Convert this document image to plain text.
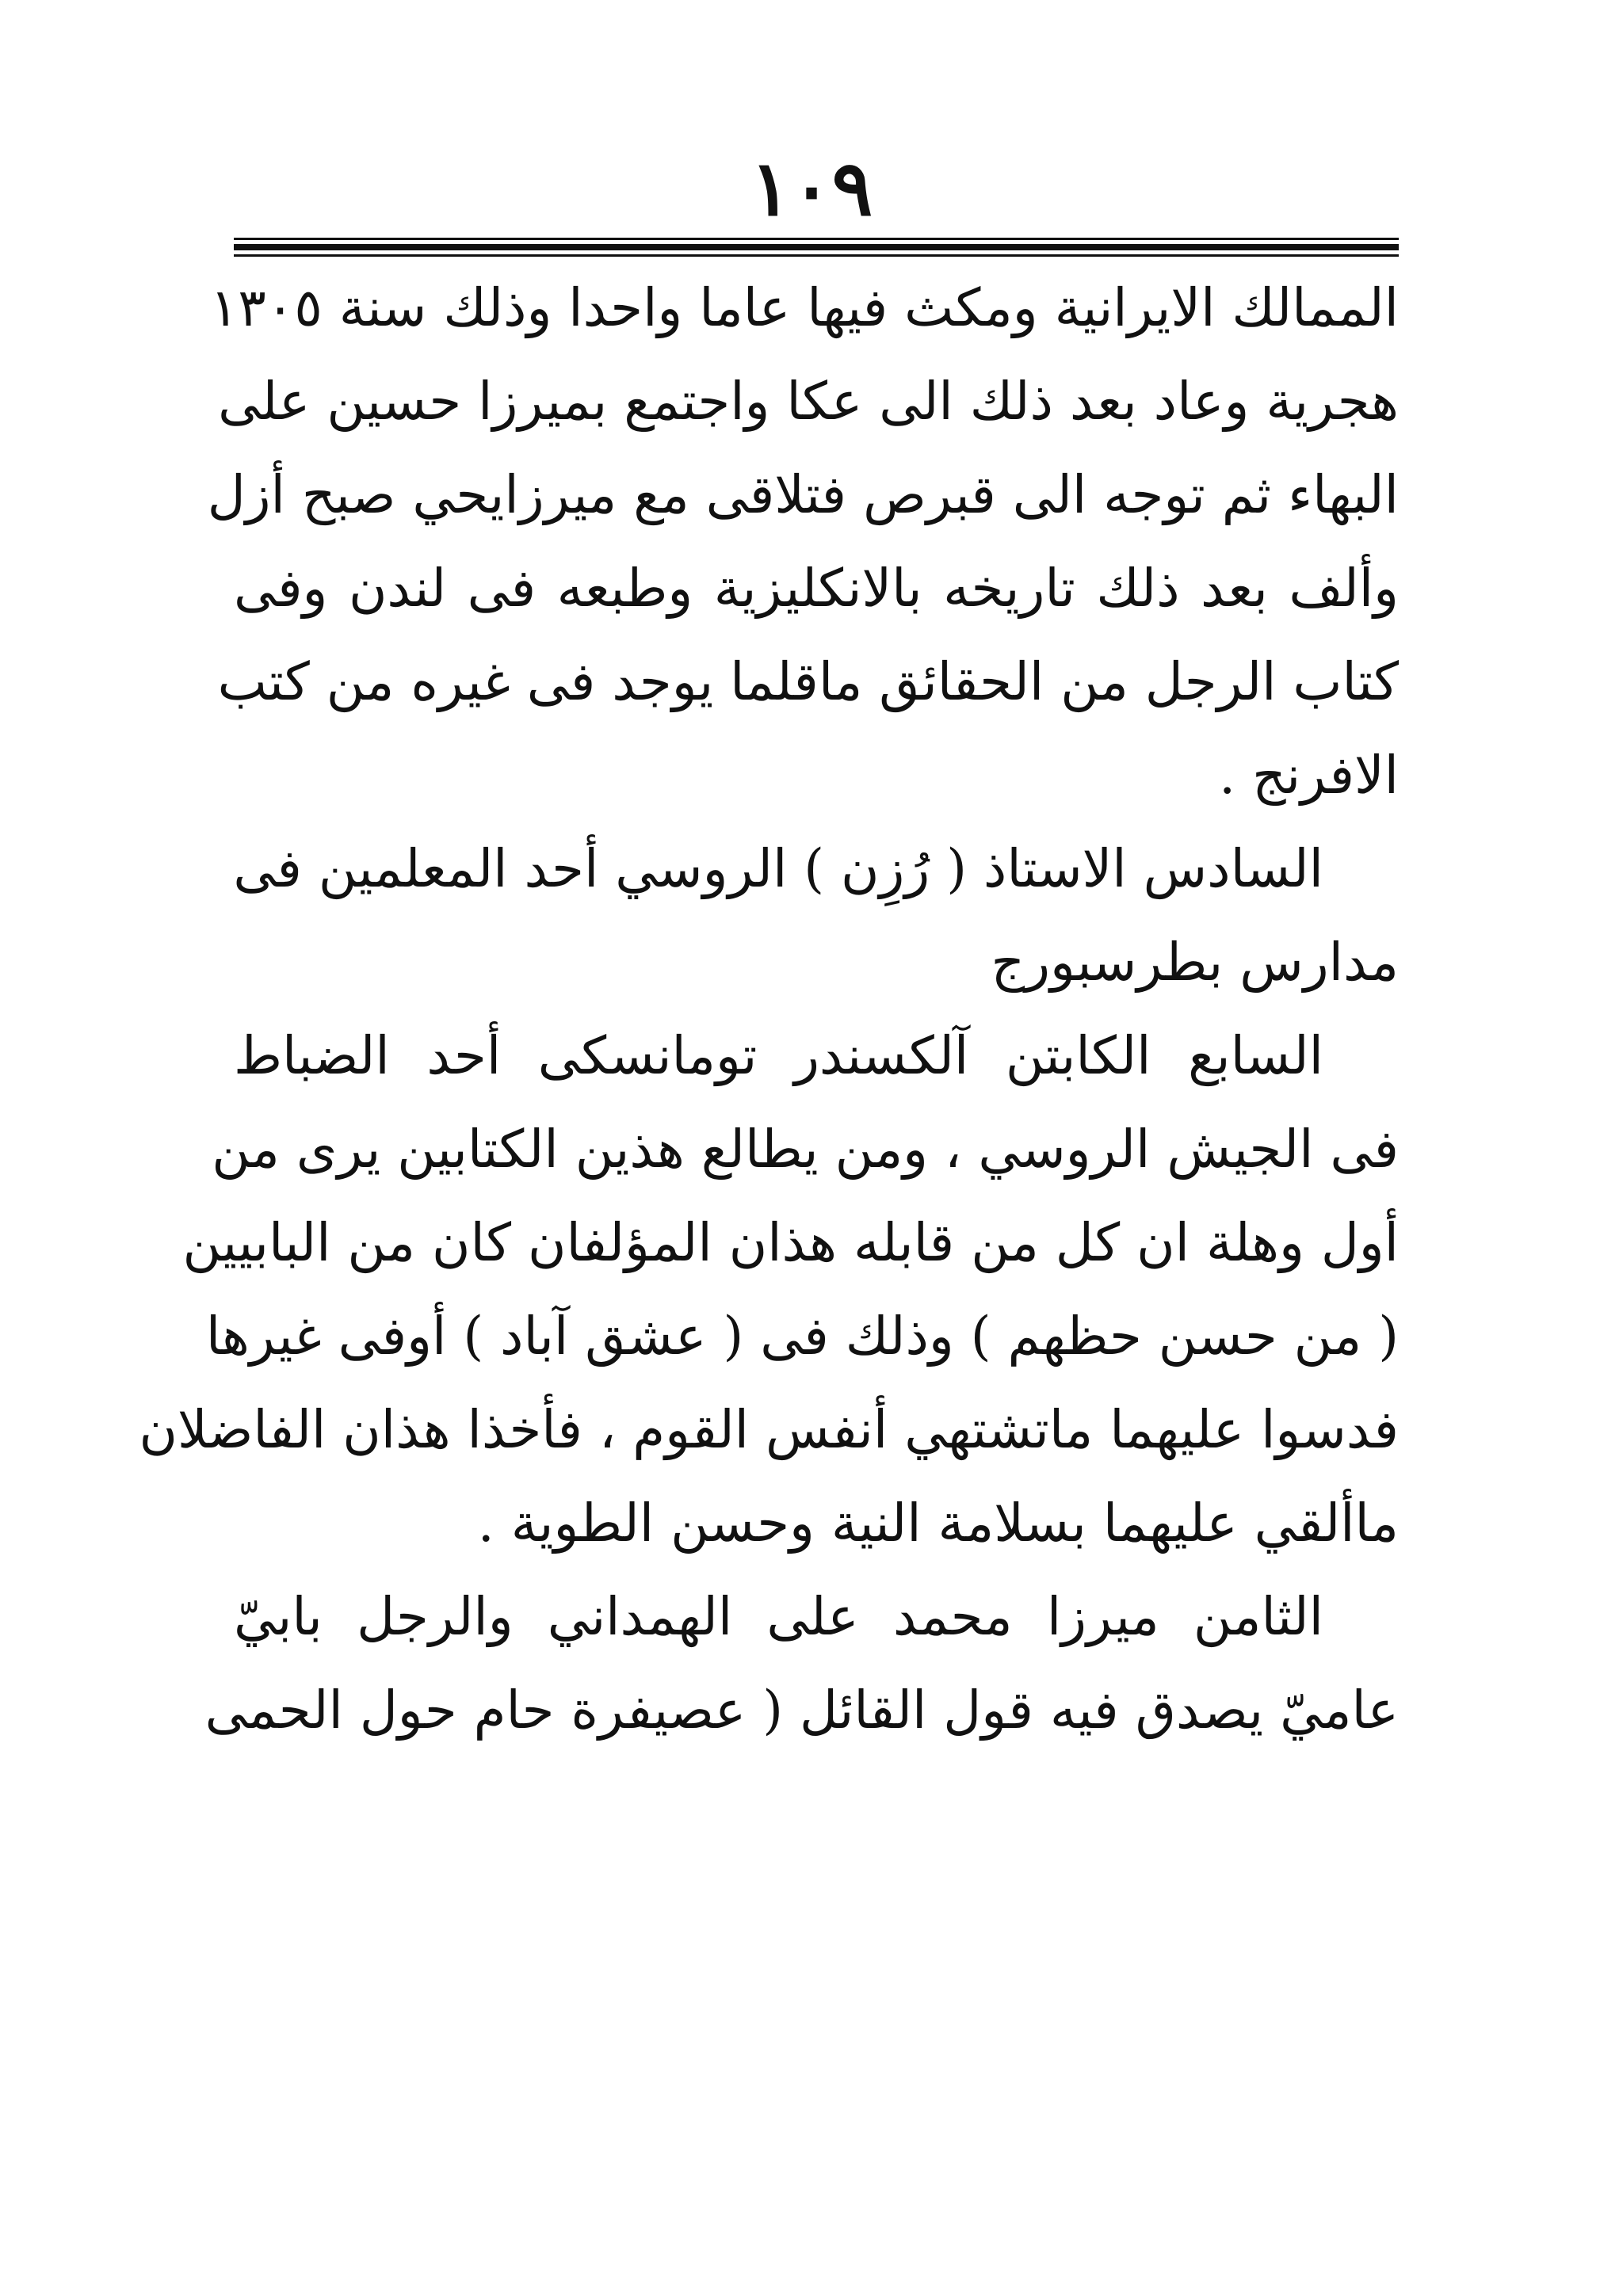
١٠٩
الممالك الايرانية ومكث فيها عاما واحدا وذلك سنة ١٣٠٥
هجرية وعاد بعد ذلك الى عكا واجتمع بميرزا حسين على
البهاء ثم توجه الى قبرص فتلاقى مع ميرزايحي صبح أزل
وألف بعد ذلك تاريخه بالانكليزية وطبعه فى لندن وفى
كتاب الرجل من الحقائق ماقلما يوجد فى غيره من كتب
الافرنج .
السادس الاستاذ ( رُزِن ) الروسي أحد المعلمين فى
مدارس بطرسبورج
السابع الكابتن آلكسندر تومانسكى أحد الضباط
فى الجيش الروسي ، ومن يطالع هذين الكتابين يرى من
أول وهلة ان كل من قابله هذان المؤلفان كان من البابيين
( من حسن حظهم ) وذلك فى ( عشق آباد ) أوفى غيرها
فدسوا عليهما ماتشتهي أنفس القوم ، فأخذا هذان الفاضلان
ماألقي عليهما بسلامة النية وحسن الطوية .
الثامن ميرزا محمد على الهمداني والرجل بابيّ
عاميّ يصدق فيه قول القائل ( عصيفرة حام حول الحمى
